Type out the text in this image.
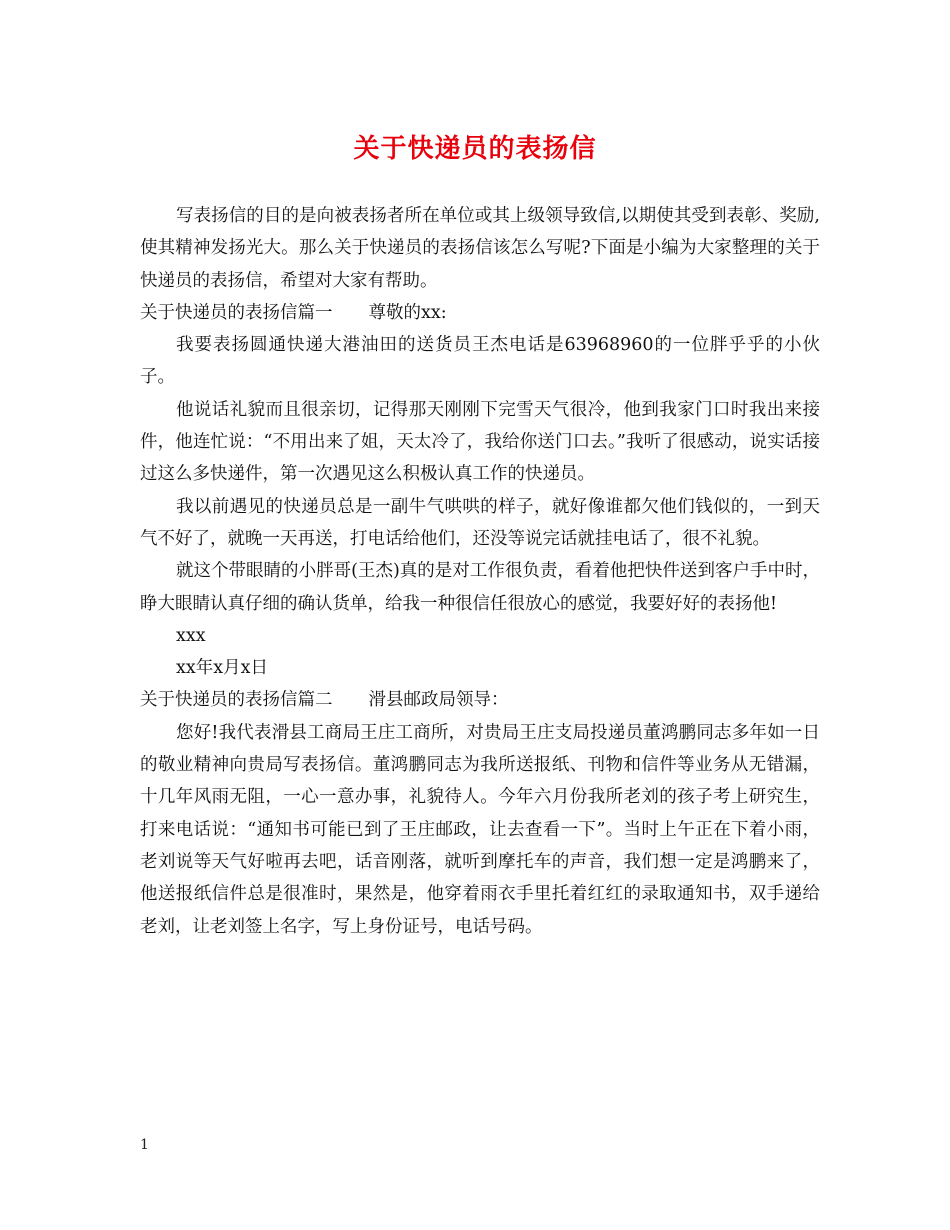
关于快递员的表扬信

写表扬信的目的是向被表扬者所在单位或其上级领导致信,以期使其受到表彰、奖励,使其精神发扬光大。那么关于快递员的表扬信该怎么写呢?下面是小编为大家整理的关于快递员的表扬信，希望对大家有帮助。

关于快递员的表扬信篇一 尊敬的xx:

我要表扬圆通快递大港油田的送货员王杰电话是63968960的一位胖乎乎的小伙子。

他说话礼貌而且很亲切，记得那天刚刚下完雪天气很冷，他到我家门口时我出来接件，他连忙说：“不用出来了姐，天太冷了，我给你送门口去。”我听了很感动，说实话接过这么多快递件，第一次遇见这么积极认真工作的快递员。

我以前遇见的快递员总是一副牛气哄哄的样子，就好像谁都欠他们钱似的，一到天气不好了，就晚一天再送，打电话给他们，还没等说完话就挂电话了，很不礼貌。

就这个带眼睛的小胖哥(王杰)真的是对工作很负责，看着他把快件送到客户手中时，睁大眼睛认真仔细的确认货单，给我一种很信任很放心的感觉，我要好好的表扬他!

xxx

xx年x月x日

关于快递员的表扬信篇二 滑县邮政局领导：

您好!我代表滑县工商局王庄工商所，对贵局王庄支局投递员董鸿鹏同志多年如一日的敬业精神向贵局写表扬信。董鸿鹏同志为我所送报纸、刊物和信件等业务从无错漏，十几年风雨无阻，一心一意办事，礼貌待人。今年六月份我所老刘的孩子考上研究生，打来电话说：“通知书可能已到了王庄邮政，让去查看一下”。当时上午正在下着小雨，老刘说等天气好啦再去吧，话音刚落，就听到摩托车的声音，我们想一定是鸿鹏来了，他送报纸信件总是很准时，果然是，他穿着雨衣手里托着红红的录取通知书，双手递给老刘，让老刘签上名字，写上身份证号，电话号码。

1
